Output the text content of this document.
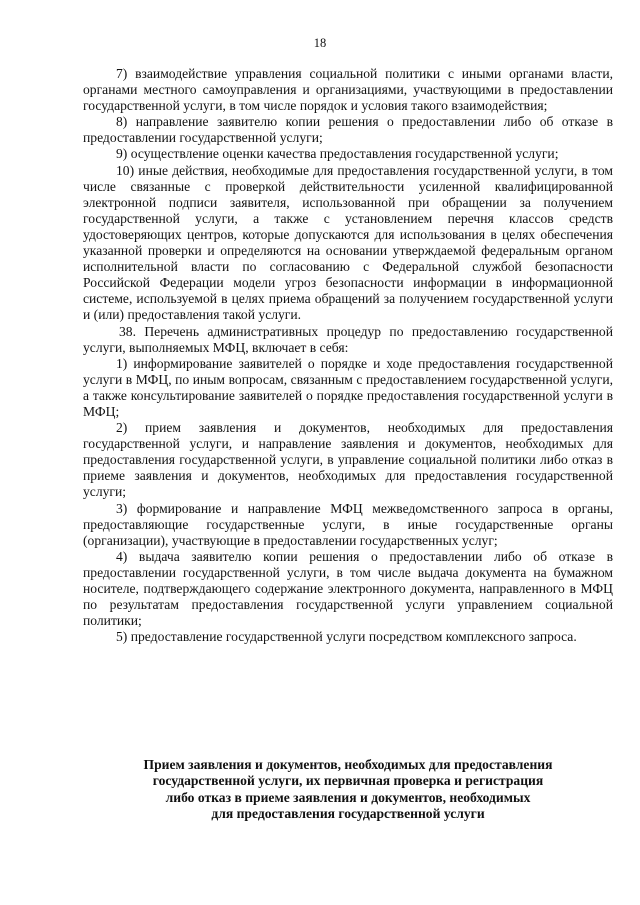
18

7) взаимодействие управления социальной политики с иными органами власти, органами местного самоуправления и организациями, участвующими в предоставлении государственной услуги, в том числе порядок и условия такого взаимодействия;

8) направление заявителю копии решения о предоставлении либо об отказе в предоставлении государственной услуги;

9) осуществление оценки качества предоставления государственной услуги;

10) иные действия, необходимые для предоставления государственной услуги, в том числе связанные с проверкой действительности усиленной квалифицированной электронной подписи заявителя, использованной при обращении за получением государственной услуги, а также с установлением перечня классов средств удостоверяющих центров, которые допускаются для использования в целях обеспечения указанной проверки и определяются на основании утверждаемой федеральным органом исполнительной власти по согласованию с Федеральной службой безопасности Российской Федерации модели угроз безопасности информации в информационной системе, используемой в целях приема обращений за получением государственной услуги и (или) предоставления такой услуги.

38. Перечень административных процедур по предоставлению государственной услуги, выполняемых МФЦ, включает в себя:

1) информирование заявителей о порядке и ходе предоставления государственной услуги в МФЦ, по иным вопросам, связанным с предоставлением государственной услуги, а также консультирование заявителей о порядке предоставления государственной услуги в МФЦ;

2) прием заявления и документов, необходимых для предоставления государственной услуги, и направление заявления и документов, необходимых для предоставления государственной услуги, в управление социальной политики либо отказ в приеме заявления и документов, необходимых для предоставления государственной услуги;

3) формирование и направление МФЦ межведомственного запроса в органы, предоставляющие государственные услуги, в иные государственные органы (организации), участвующие в предоставлении государственных услуг;

4) выдача заявителю копии решения о предоставлении либо об отказе в предоставлении государственной услуги, в том числе выдача документа на бумажном носителе, подтверждающего содержание электронного документа, направленного в МФЦ по результатам предоставления государственной услуги управлением социальной политики;

5) предоставление государственной услуги посредством комплексного запроса.

Прием заявления и документов, необходимых для предоставления
государственной услуги, их первичная проверка и регистрация
либо отказ в приеме заявления и документов, необходимых
для предоставления государственной услуги
